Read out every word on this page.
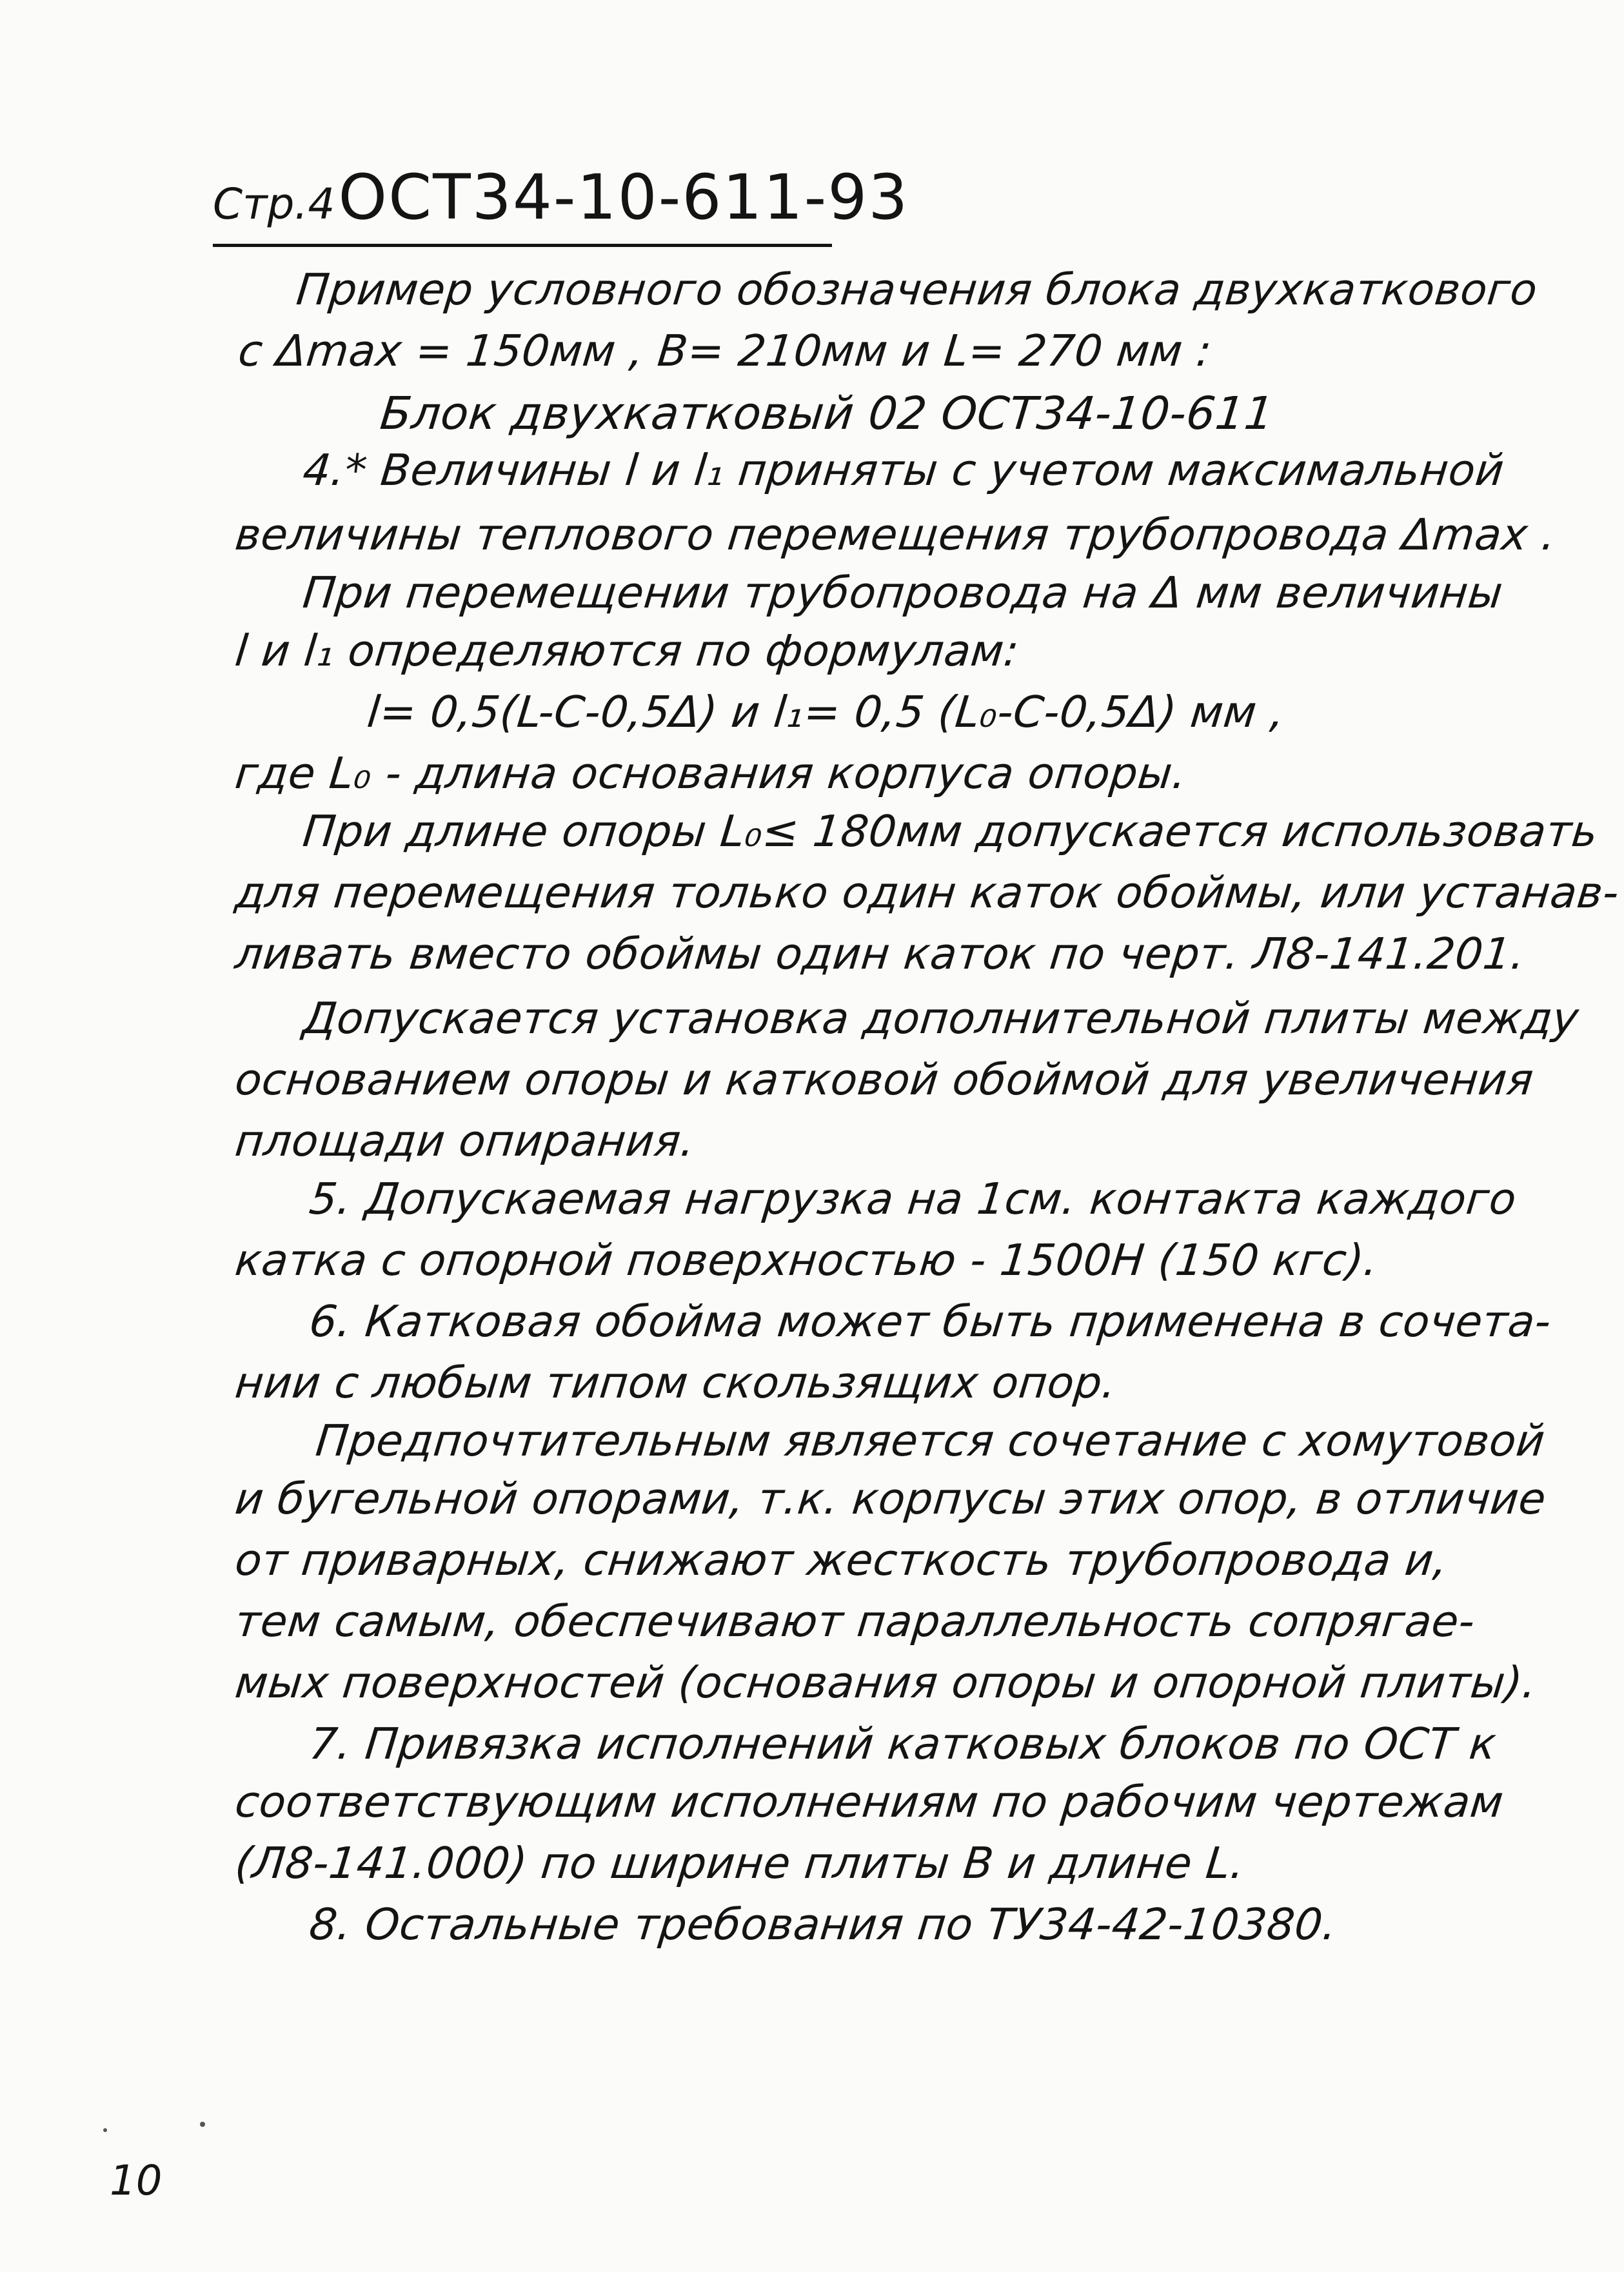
Стр.4 ОСТ34-10-611-93
Пример условного обозначения блока двухкаткового
с Δmax = 150мм , В= 210мм и L= 270 мм :
Блок двухкатковый 02 ОСТ34-10-611
4.* Величины l и l₁ приняты с учетом максимальной
величины теплового перемещения трубопровода Δmax .
При перемещении трубопровода на Δ мм величины
l и l₁ определяются по формулам:
l= 0,5(L-C-0,5Δ) и l₁= 0,5 (L₀-C-0,5Δ) мм ,
где L₀ - длина основания корпуса опоры.
При длине опоры L₀≤ 180мм допускается использовать
для перемещения только один каток обоймы, или устанав-
ливать вместо обоймы один каток по черт. Л8-141.201.
Допускается установка дополнительной плиты между
основанием опоры и катковой обоймой для увеличения
площади опирания.
5. Допускаемая нагрузка на 1см. контакта каждого
катка с опорной поверхностью - 1500Н (150 кгс).
6. Катковая обойма может быть применена в сочета-
нии с любым типом скользящих опор.
Предпочтительным является сочетание с хомутовой
и бугельной опорами, т.к. корпусы этих опор, в отличие
от приварных, снижают жесткость трубопровода и,
тем самым, обеспечивают параллельность сопрягае-
мых поверхностей (основания опоры и опорной плиты).
7. Привязка исполнений катковых блоков по ОСТ к
соответствующим исполнениям по рабочим чертежам
(Л8-141.000) по ширине плиты В и длине L.
8. Остальные требования по ТУ34-42-10380.
10
